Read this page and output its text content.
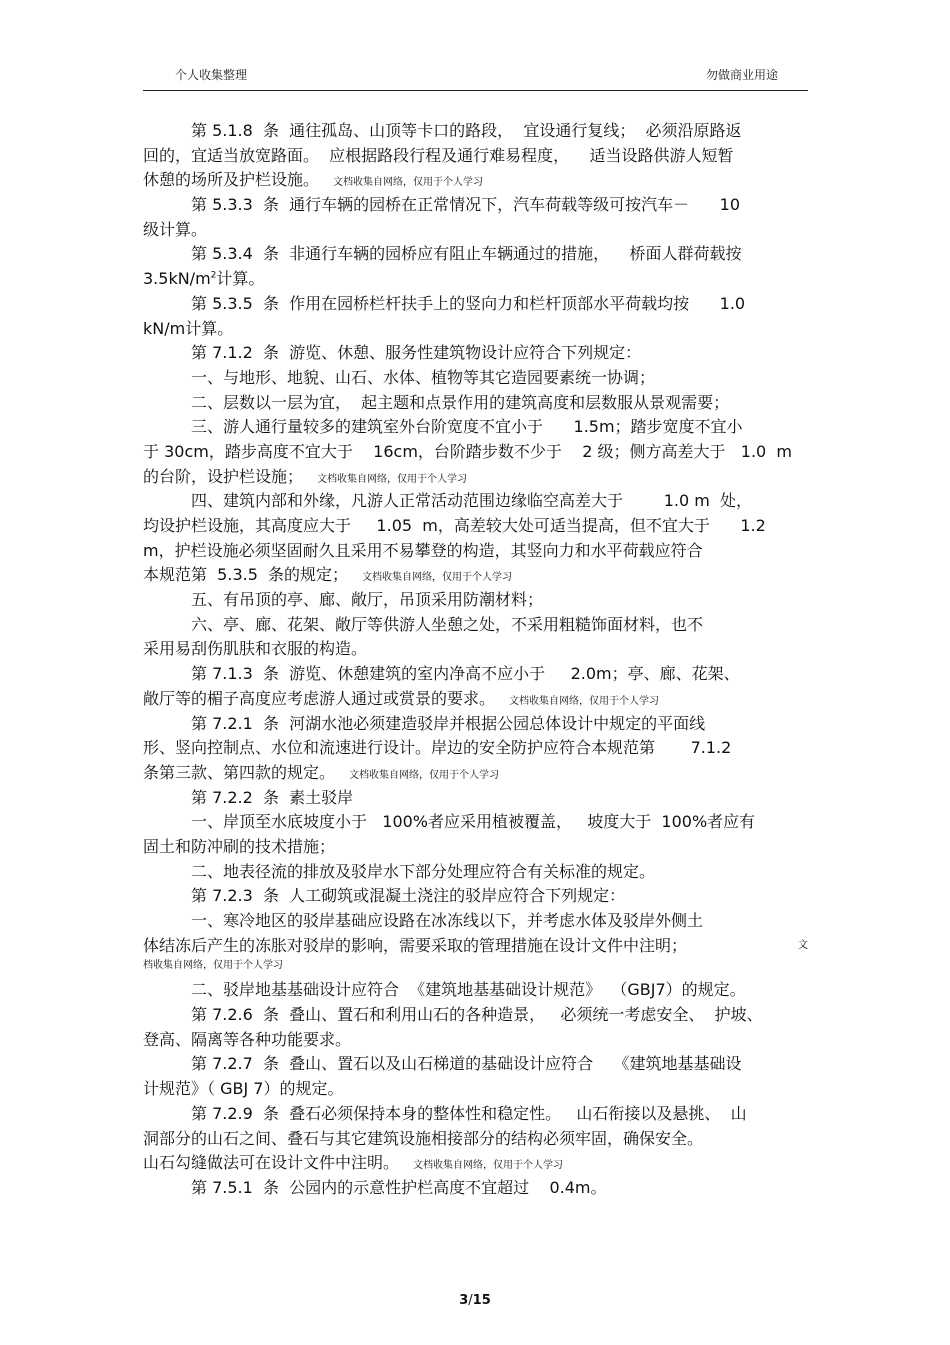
个人收集整理	勿做商业用途
第 5.1.8  条  通往孤岛、山顶等卡口的路段，  宜设通行复线；  必须沿原路返
回的，宜适当放宽路面。  应根据路段行程及通行难易程度，    适当设路供游人短暂
休憩的场所及护栏设施。 文档收集自网络，仅用于个人学习
第 5.3.3  条  通行车辆的园桥在正常情况下，汽车荷载等级可按汽车－      10
级计算。
第 5.3.4  条  非通行车辆的园桥应有阻止车辆通过的措施，    桥面人群荷载按
$3.5kN/m^2$计算。
第 5.3.5  条  作用在园桥栏杆扶手上的竖向力和栏杆顶部水平荷载均按      1.0
kN/m计算。
第 7.1.2  条  游览、休憩、服务性建筑物设计应符合下列规定：
一、与地形、地貌、山石、水体、植物等其它造园要素统一协调；
二、层数以一层为宜，  起主题和点景作用的建筑高度和层数服从景观需要；
三、游人通行量较多的建筑室外台阶宽度不宜小于      1.5m；踏步宽度不宜小
于 30cm，踏步高度不宜大于    16cm，台阶踏步数不少于    2 级；侧方高差大于   1.0  m
的台阶，设护栏设施； 文档收集自网络，仅用于个人学习
四、建筑内部和外缘，凡游人正常活动范围边缘临空高差大于        1.0 m  处，
均设护栏设施，其高度应大于     1.05  m，高差较大处可适当提高，但不宜大于      1.2
m，护栏设施必须坚固耐久且采用不易攀登的构造，其竖向力和水平荷载应符合
本规范第  5.3.5  条的规定； 文档收集自网络，仅用于个人学习
五、有吊顶的亭、廊、敞厅，吊顶采用防潮材料；
六、亭、廊、花架、敞厅等供游人坐憩之处，不采用粗糙饰面材料，也不
采用易刮伤肌肤和衣服的构造。
第 7.1.3  条  游览、休憩建筑的室内净高不应小于     2.0m；亭、廊、花架、
敞厅等的楣子高度应考虑游人通过或赏景的要求。 文档收集自网络，仅用于个人学习
第 7.2.1  条  河湖水池必须建造驳岸并根据公园总体设计中规定的平面线
形、竖向控制点、水位和流速进行设计。岸边的安全防护应符合本规范第       7.1.2
条第三款、第四款的规定。 文档收集自网络，仅用于个人学习
第 7.2.2  条  素土驳岸
一、岸顶至水底坡度小于   100%者应采用植被覆盖，   坡度大于  100%者应有
固土和防冲刷的技术措施；
二、地表径流的排放及驳岸水下部分处理应符合有关标准的规定。
第 7.2.3  条  人工砌筑或混凝土浇注的驳岸应符合下列规定：
一、寒冷地区的驳岸基础应设路在冰冻线以下，并考虑水体及驳岸外侧土
体结冻后产生的冻胀对驳岸的影响，需要采取的管理措施在设计文件中注明；	文
档收集自网络，仅用于个人学习
二、驳岸地基基础设计应符合  《建筑地基基础设计规范》  （GBJ7）的规定。
第 7.2.6  条  叠山、置石和利用山石的各种造景，   必须统一考虑安全、  护坡、
登高、隔离等各种功能要求。
第 7.2.7  条  叠山、置石以及山石梯道的基础设计应符合    《建筑地基基础设
计规范》（ GBJ 7）的规定。
第 7.2.9  条  叠石必须保持本身的整体性和稳定性。   山石衔接以及悬挑、  山
洞部分的山石之间、叠石与其它建筑设施相接部分的结构必须牢固，确保安全。
山石勾缝做法可在设计文件中注明。 文档收集自网络，仅用于个人学习
第 7.5.1  条  公园内的示意性护栏高度不宜超过    0.4m。
3/15
